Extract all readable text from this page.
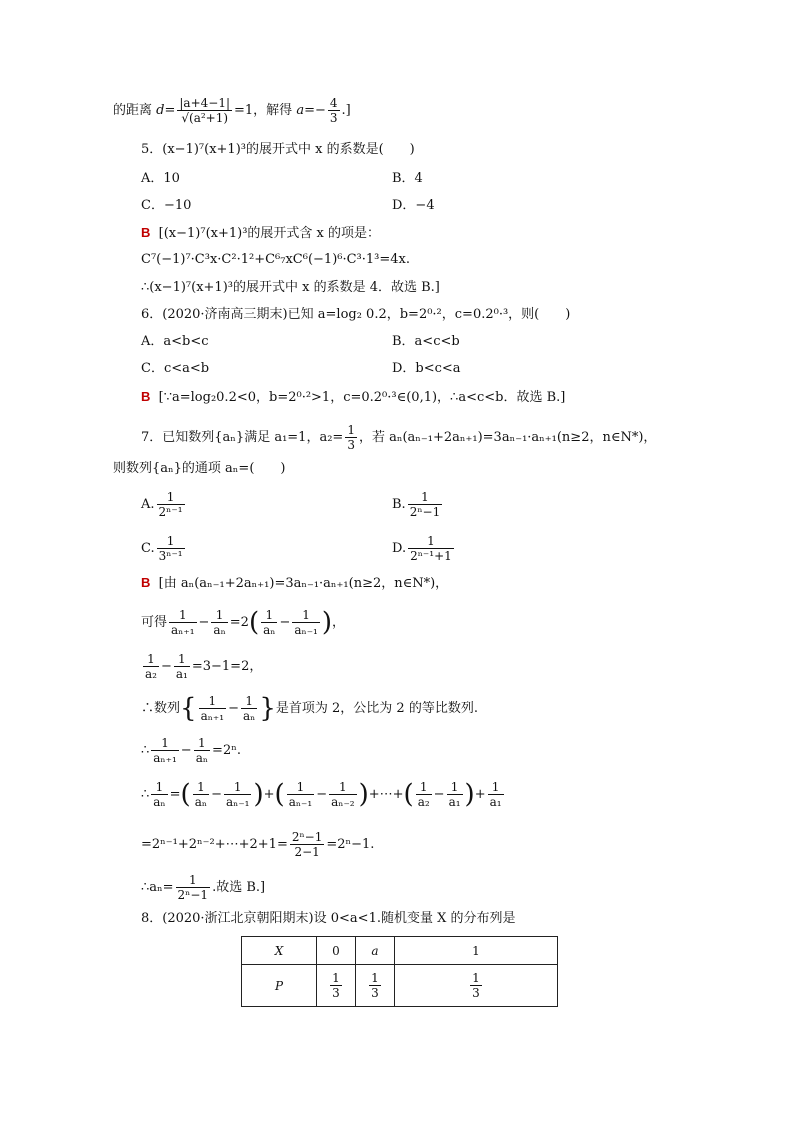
的距离 $d= \frac{|a+4-1|}{\text{√(a²+1)}} =1$，解得 $a=- \frac{4}{3}$ .]
5．(x−1)⁷(x+1)³的展开式中 x 的系数是(　　)
A．10	B．4
C．−10	D．−4
B [(x−1)⁷(x+1)³的展开式含 x 的项是：
C⁷(−1)⁷·C³x·C²·1²+C⁶₇xC⁶(−1)⁶·C³·1³=4x.
∴(x−1)⁷(x+1)³的展开式中 x 的系数是 4．故选 B.]
6．(2020·济南高三期末)已知 a=log₂ 0.2，b=2⁰·²，c=0.2⁰·³，则(　　)
A．a<b<c	B．a<c<b
C．c<a<b	D．b<c<a
B [∵a=log₂0.2<0，b=2⁰·²>1，c=0.2⁰·³∈(0,1)，∴a<c<b．故选 B.]
7．已知数列{aₙ}满足 a₁=1，$a_2= \frac{1}{3}$ ，若 aₙ(aₙ₋₁+2aₙ₊₁)=3aₙ₋₁·aₙ₊₁(n≥2，n∈N*)，
则数列{aₙ}的通项 aₙ=(　　)
A. $\frac{1}{\text{2ⁿ⁻¹}}$	B. $\frac{1}{\text{2ⁿ−1}}$
C. $\frac{1}{\text{3ⁿ⁻¹}}$	D. $\frac{1}{\text{2ⁿ⁻¹+1}}$
B [由 aₙ(aₙ₋₁+2aₙ₊₁)=3aₙ₋₁·aₙ₊₁(n≥2，n∈N*)，
可得 $\frac{1}{\text{aₙ₊₁}} - \frac{1}{\text{aₙ}} =2( \frac{1}{\text{aₙ}} - \frac{1}{\text{aₙ₋₁}}$ )，
$\frac{1}{\text{a₂}} - \frac{1}{\text{a₁}} =3-1=2$，
∴数列{ $\frac{1}{\text{aₙ₊₁}} - \frac{1}{\text{aₙ}}$ }是首项为 2，公比为 2 的等比数列.
∴ $\frac{1}{\text{aₙ₊₁}} - \frac{1}{\text{aₙ}} =2^n$.
∴ $\frac{1}{\text{aₙ}}$ =( $\frac{1}{\text{aₙ}} - \frac{1}{\text{aₙ₋₁}}$ )+( $\frac{1}{\text{aₙ₋₁}} - \frac{1}{\text{aₙ₋₂}}$ )+⋯+( $\frac{1}{\text{a₂}} - \frac{1}{\text{a₁}}$ )+ $\frac{1}{\text{a₁}}$
=2ⁿ⁻¹+2ⁿ⁻²+⋯+2+1= $\frac{\text{2ⁿ−1}}{2-1} =2^n-1$.
∴aₙ= $\frac{1}{\text{2ⁿ−1}}$ .故选 B.]
8．(2020·浙江北京朝阳期末)设 0<a<1.随机变量 X 的分布列是
X	0	a	1
P	$\frac{1}{3}$	$\frac{1}{3}$	$\frac{1}{3}$
